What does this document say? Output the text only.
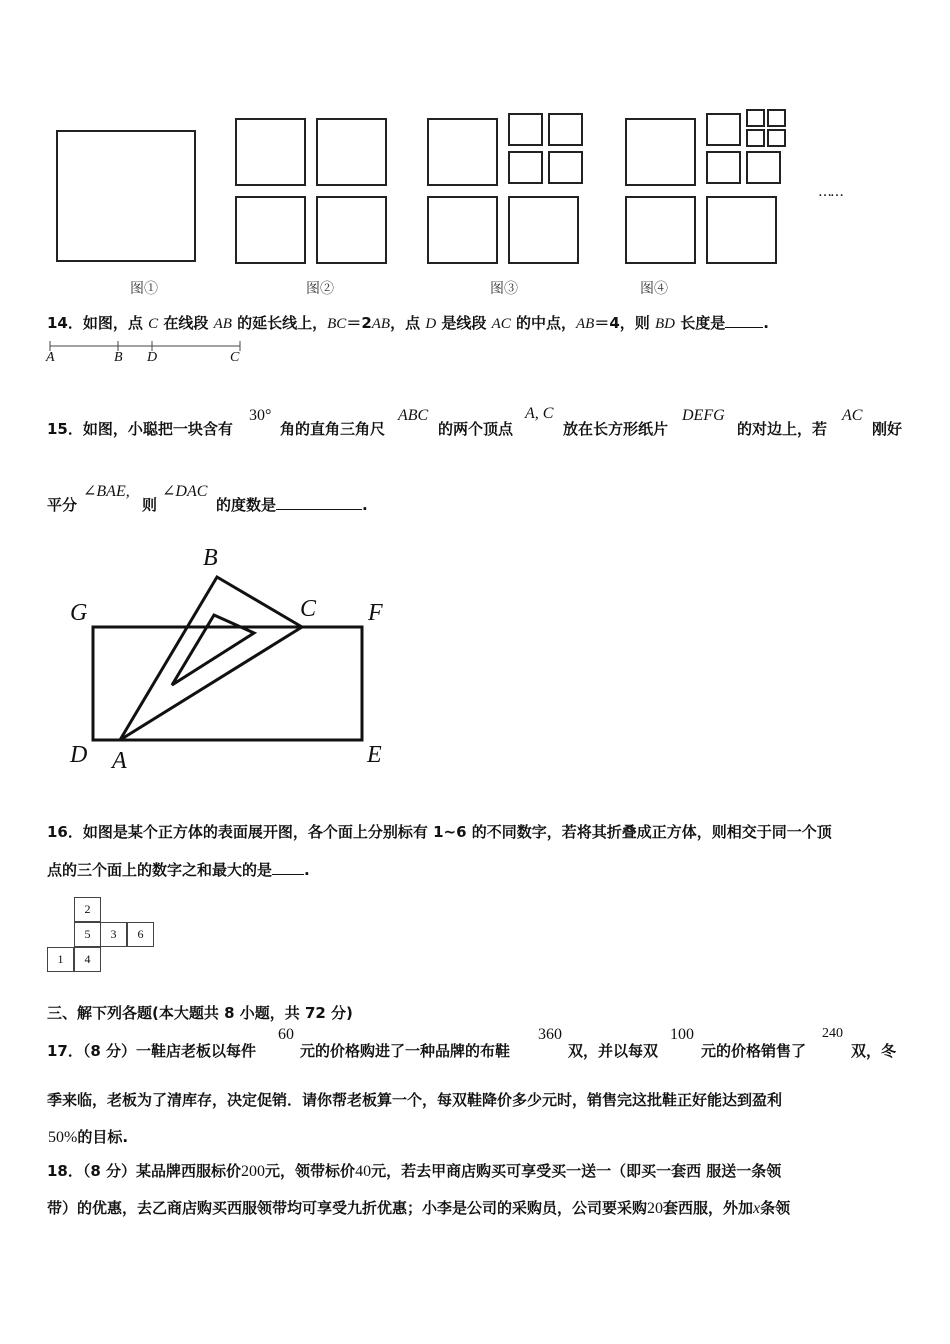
图①	图②	图③	图④
……
14．如图，点 C 在线段 AB 的延长线上，BC＝2AB，点 D 是线段 AC 的中点，AB＝4，则 BD 长度是	.
A	B D	C
15．如图，小聪把一块含有
30°
角的直角三角尺
ABC
的两个顶点
A, C
放在长方形纸片
DEFG
的对边上，若
AC
刚好
平分
∠BAE,
则
∠DAC
的度数是	.
B
G	C F
D A	E
16．如图是某个正方体的表面展开图，各个面上分别标有 1~6 的不同数字，若将其折叠成正方体，则相交于同一个顶
点的三个面上的数字之和最大的是 .
2
5	3	6
1	4
三、解下列各题(本大题共 8 小题，共 72 分)
17．（8 分）一鞋店老板以每件
60
元的价格购进了一种品牌的布鞋
360
双，并以每双
100
元的价格销售了
240
双，冬
季来临，老板为了清库存，决定促销．请你帮老板算一个，每双鞋降价多少元时，销售完这批鞋正好能达到盈利
50%的目标.
18．（8 分）某品牌西服标价200元，领带标价40元，若去甲商店购买可享受买一送一（即买一套西 服送一条领
带）的优惠，去乙商店购买西服领带均可享受九折优惠；小李是公司的采购员，公司要采购20套西服，外加x条领
